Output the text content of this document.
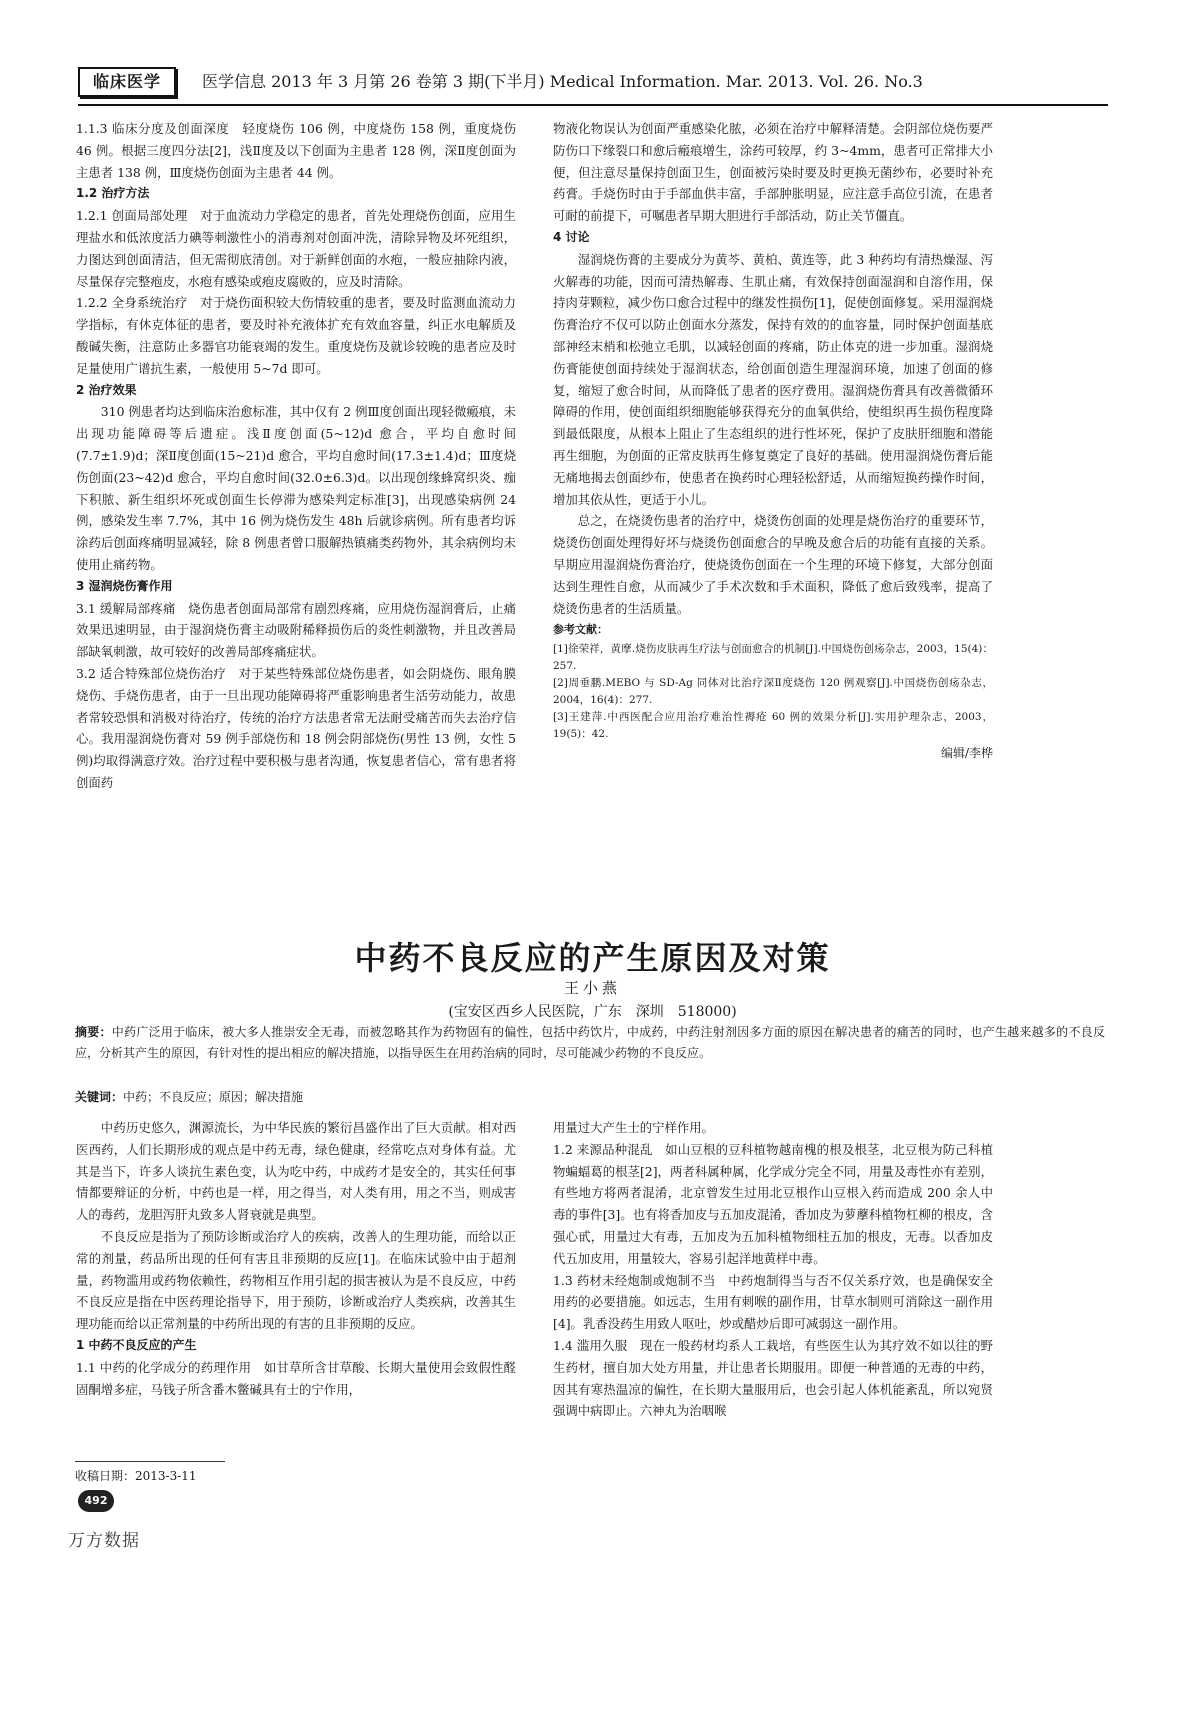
临床医学	医学信息 2013 年 3 月第 26 卷第 3 期(下半月) Medical Information. Mar. 2013. Vol. 26. No.3

1.1.3 临床分度及创面深度　轻度烧伤 106 例，中度烧伤 158 例，重度烧伤 46 例。根据三度四分法[2]，浅Ⅱ度及以下创面为主患者 128 例，深Ⅱ度创面为主患者 138 例，Ⅲ度烧伤创面为主患者 44 例。

1.2 治疗方法

1.2.1 创面局部处理　对于血流动力学稳定的患者，首先处理烧伤创面，应用生理盐水和低浓度活力碘等刺激性小的消毒剂对创面冲洗，清除异物及坏死组织，力图达到创面清洁，但无需彻底清创。对于新鲜创面的水疱，一般应抽除内液，尽量保存完整疱皮，水疱有感染或疱皮腐败的，应及时清除。

1.2.2 全身系统治疗　对于烧伤面积较大伤情较重的患者，要及时监测血流动力学指标，有休克体征的患者，要及时补充液体扩充有效血容量，纠正水电解质及酸碱失衡，注意防止多器官功能衰竭的发生。重度烧伤及就诊较晚的患者应及时足量使用广谱抗生素，一般使用 5~7d 即可。

2 治疗效果

310 例患者均达到临床治愈标准，其中仅有 2 例Ⅲ度创面出现轻微瘢痕，未出现功能障碍等后遗症。浅Ⅱ度创面(5~12)d 愈合，平均自愈时间(7.7±1.9)d；深Ⅱ度创面(15~21)d 愈合，平均自愈时间(17.3±1.4)d；Ⅲ度烧伤创面(23~42)d 愈合，平均自愈时间(32.0±6.3)d。以出现创缘蜂窝织炎、痂下积脓、新生组织坏死或创面生长停滞为感染判定标准[3]，出现感染病例 24 例，感染发生率 7.7%，其中 16 例为烧伤发生 48h 后就诊病例。所有患者均诉涂药后创面疼痛明显减轻，除 8 例患者曾口服解热镇痛类药物外，其余病例均未使用止痛药物。

3 湿润烧伤膏作用

3.1 缓解局部疼痛　烧伤患者创面局部常有剧烈疼痛，应用烧伤湿润膏后，止痛效果迅速明显，由于湿润烧伤膏主动吸附稀释损伤后的炎性刺激物，并且改善局部缺氧刺激，故可较好的改善局部疼痛症状。

3.2 适合特殊部位烧伤治疗　对于某些特殊部位烧伤患者，如会阴烧伤、眼角膜烧伤、手烧伤患者，由于一旦出现功能障碍将严重影响患者生活劳动能力，故患者常较恐惧和消极对待治疗，传统的治疗方法患者常无法耐受痛苦而失去治疗信心。我用湿润烧伤膏对 59 例手部烧伤和 18 例会阴部烧伤(男性 13 例，女性 5 例)均取得满意疗效。治疗过程中要积极与患者沟通，恢复患者信心，常有患者将创面药

物液化物误认为创面严重感染化脓，必须在治疗中解释清楚。会阴部位烧伤要严防伤口下缘裂口和愈后瘢痕增生，涂药可较厚，约 3~4mm，患者可正常排大小便，但注意尽量保持创面卫生，创面被污染时要及时更换无菌纱布，必要时补充药膏。手烧伤时由于手部血供丰富，手部肿胀明显，应注意手高位引流，在患者可耐的前提下，可嘱患者早期大胆进行手部活动，防止关节僵直。

4 讨论

湿润烧伤膏的主要成分为黄芩、黄柏、黄连等，此 3 种药均有清热燥湿、泻火解毒的功能，因而可清热解毒、生肌止痛，有效保持创面湿润和自溶作用，保持肉芽颗粒，减少伤口愈合过程中的继发性损伤[1]，促使创面修复。采用湿润烧伤膏治疗不仅可以防止创面水分蒸发，保持有效的的血容量，同时保护创面基底部神经末梢和松弛立毛肌，以减轻创面的疼痛，防止体克的进一步加重。湿润烧伤膏能使创面持续处于湿润状态，给创面创造生理湿润环境，加速了创面的修复，缩短了愈合时间，从而降低了患者的医疗费用。湿润烧伤膏具有改善微循环障碍的作用，使创面组织细胞能够获得充分的血氧供给，使组织再生损伤程度降到最低限度，从根本上阻止了生态组织的进行性坏死，保护了皮肤肝细胞和潜能再生细胞，为创面的正常皮肤再生修复奠定了良好的基础。使用湿润烧伤膏后能无痛地揭去创面纱布，使患者在换药时心理轻松舒适，从而缩短换药操作时间，增加其依从性，更适于小儿。

总之，在烧烫伤患者的治疗中，烧烫伤创面的处理是烧伤治疗的重要环节，烧烫伤创面处理得好坏与烧烫伤创面愈合的早晚及愈合后的功能有直接的关系。早期应用湿润烧伤膏治疗，使烧烫伤创面在一个生理的环境下修复，大部分创面达到生理性自愈，从而减少了手术次数和手术面积，降低了愈后致残率，提高了烧烫伤患者的生活质量。

参考文献：

[1]徐荣祥，黄摩.烧伤皮肤再生疗法与创面愈合的机制[J].中国烧伤创疡杂志，2003，15(4)：257.

[2]周垂鹏.MEBO 与 SD-Ag 同体对比治疗深Ⅱ度烧伤 120 例观察[J].中国烧伤创疡杂志，2004，16(4)：277.

[3]王建萍.中西医配合应用治疗难治性褥疮 60 例的效果分析[J].实用护理杂志，2003，19(5)：42.

编辑/李桦

中药不良反应的产生原因及对策
王小燕
(宝安区西乡人民医院，广东　深圳　518000)
摘要：中药广泛用于临床，被大多人推崇安全无毒，而被忽略其作为药物固有的偏性，包括中药饮片，中成药，中药注射剂因多方面的原因在解决患者的痛苦的同时，也产生越来越多的不良反应，分析其产生的原因，有针对性的提出相应的解决措施，以指导医生在用药治病的同时，尽可能减少药物的不良反应。
关键词：中药；不良反应；原因；解决措施

中药历史悠久，渊源流长，为中华民族的繁衍昌盛作出了巨大贡献。相对西医西药，人们长期形成的观点是中药无毒，绿色健康，经常吃点对身体有益。尤其是当下，许多人谈抗生素色变，认为吃中药，中成药才是安全的，其实任何事情都要辩证的分析，中药也是一样，用之得当，对人类有用，用之不当，则成害人的毒药，龙胆泻肝丸致多人肾衰就是典型。

不良反应是指为了预防诊断或治疗人的疾病，改善人的生理功能，而给以正常的剂量，药品所出现的任何有害且非预期的反应[1]。在临床试验中由于超剂量，药物滥用或药物依赖性，药物相互作用引起的损害被认为是不良反应，中药不良反应是指在中医药理论指导下，用于预防，诊断或治疗人类疾病，改善其生理功能而给以正常剂量的中药所出现的有害的且非预期的反应。

1 中药不良反应的产生

1.1 中药的化学成分的药理作用　如甘草所含甘草酸、长期大量使用会致假性醛固酮增多症，马钱子所含番木鳖碱具有士的宁作用，

用量过大产生士的宁样作用。

1.2 来源品种混乱　如山豆根的豆科植物越南槐的根及根茎，北豆根为防己科植物蝙蝠葛的根茎[2]，两者科属种属，化学成分完全不同，用量及毒性亦有差别，有些地方将两者混淆，北京曾发生过用北豆根作山豆根入药而造成 200 余人中毒的事件[3]。也有将香加皮与五加皮混淆，香加皮为萝藦科植物杠柳的根皮，含强心甙，用量过大有毒，五加皮为五加科植物细柱五加的根皮，无毒。以香加皮代五加皮用，用量较大，容易引起洋地黄样中毒。

1.3 药材未经炮制或炮制不当　中药炮制得当与否不仅关系疗效，也是确保安全用药的必要措施。如远志，生用有刺喉的副作用，甘草水制则可消除这一副作用[4]。乳香没药生用致人呕吐，炒或醋炒后即可减弱这一副作用。

1.4 滥用久服　现在一般药材均系人工栽培，有些医生认为其疗效不如以往的野生药材，擅自加大处方用量，并让患者长期服用。即便一种普通的无毒的中药，因其有寒热温凉的偏性，在长期大量服用后，也会引起人体机能紊乱，所以宛贤强调中病即止。六神丸为治咽喉

收稿日期：2013-3-11
492
万方数据
